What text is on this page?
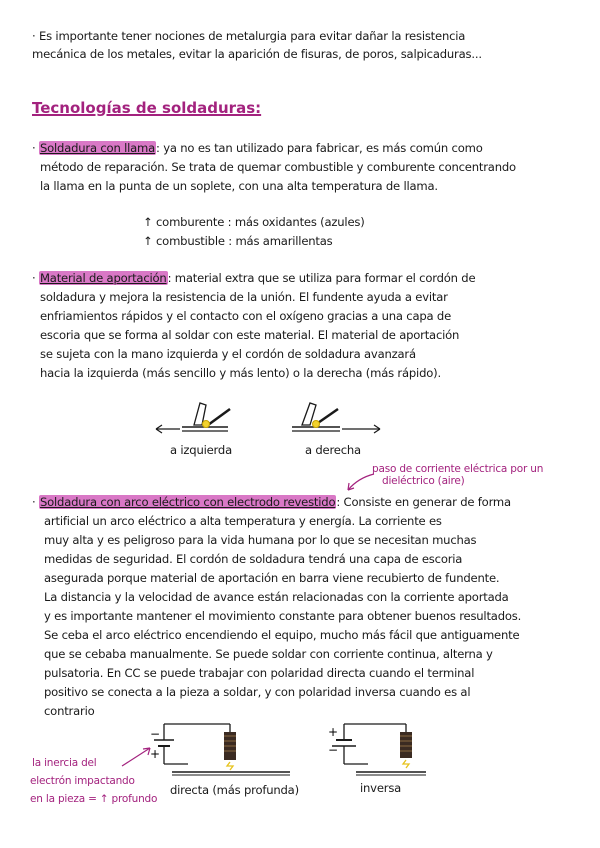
· Es importante tener nociones de metalurgia para evitar dañar la resistencia
mecánica de los metales, evitar la aparición de fisuras, de poros, salpicaduras...
Tecnologías de soldaduras:
· Soldadura con llama: ya no es tan utilizado para fabricar, es más común como
método de reparación. Se trata de quemar combustible y comburente concentrando
la llama en la punta de un soplete, con una alta temperatura de llama.
↑ comburente : más oxidantes (azules)
↑ combustible : más amarillentas
· Material de aportación: material extra que se utiliza para formar el cordón de
soldadura y mejora la resistencia de la unión. El fundente ayuda a evitar
enfriamientos rápidos y el contacto con el oxígeno gracias a una capa de
escoria que se forma al soldar con este material. El material de aportación
se sujeta con la mano izquierda y el cordón de soldadura avanzará
hacia la izquierda (más sencillo y más lento) o la derecha (más rápido).
a izquierda	a derecha
paso de corriente eléctrica por un
dieléctrico (aire)
· Soldadura con arco eléctrico con electrodo revestido: Consiste en generar de forma
artificial un arco eléctrico a alta temperatura y energía. La corriente es
muy alta y es peligroso para la vida humana por lo que se necesitan muchas
medidas de seguridad. El cordón de soldadura tendrá una capa de escoria
asegurada porque material de aportación en barra viene recubierto de fundente.
La distancia y la velocidad de avance están relacionadas con la corriente aportada
y es importante mantener el movimiento constante para obtener buenos resultados.
Se ceba el arco eléctrico encendiendo el equipo, mucho más fácil que antiguamente
que se cebaba manualmente. Se puede soldar con corriente continua, alterna y
pulsatoria. En CC se puede trabajar con polaridad directa cuando el terminal
positivo se conecta a la pieza a soldar, y con polaridad inversa cuando es al
contrario
la inercia del
electrón impactando
en la pieza = ↑ profundo
−
+
+
−
directa (más profunda)	inversa
